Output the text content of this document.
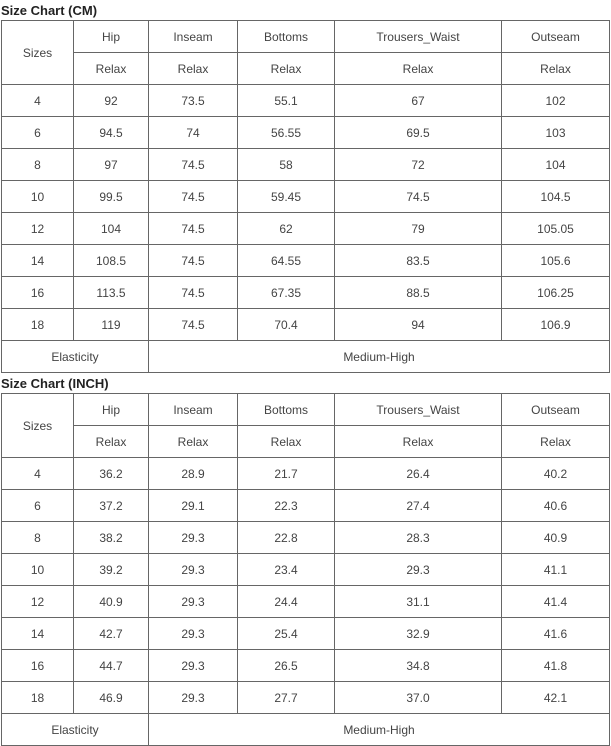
Size Chart (CM)
Sizes	Hip	Inseam	Bottoms	Trousers_Waist	Outseam
	Relax	Relax	Relax	Relax	Relax
4	92	73.5	55.1	67	102
6	94.5	74	56.55	69.5	103
8	97	74.5	58	72	104
10	99.5	74.5	59.45	74.5	104.5
12	104	74.5	62	79	105.05
14	108.5	74.5	64.55	83.5	105.6
16	113.5	74.5	67.35	88.5	106.25
18	119	74.5	70.4	94	106.9
Elasticity		Medium-High			
Size Chart (INCH)
Sizes	Hip	Inseam	Bottoms	Trousers_Waist	Outseam
	Relax	Relax	Relax	Relax	Relax
4	36.2	28.9	21.7	26.4	40.2
6	37.2	29.1	22.3	27.4	40.6
8	38.2	29.3	22.8	28.3	40.9
10	39.2	29.3	23.4	29.3	41.1
12	40.9	29.3	24.4	31.1	41.4
14	42.7	29.3	25.4	32.9	41.6
16	44.7	29.3	26.5	34.8	41.8
18	46.9	29.3	27.7	37.0	42.1
Elasticity		Medium-High			
